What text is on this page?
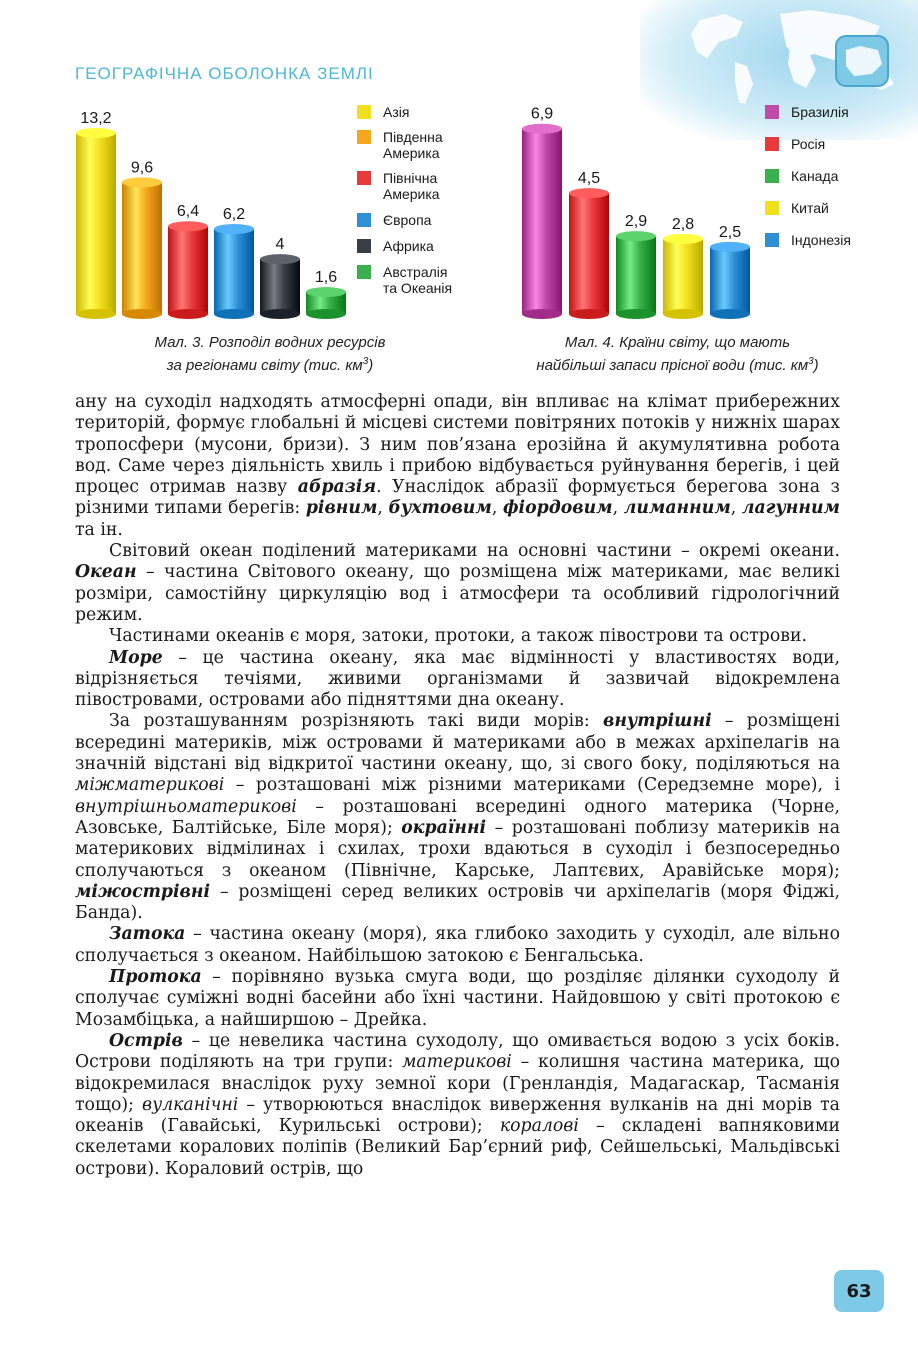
ГЕОГРАФІЧНА ОБОЛОНКА ЗЕМЛІ
13,2
9,6
6,4 6,2
4
1,6
Азія
Південна
Америка
Північна
Америка
Європа
Африка
Австралія
та Океанія
Мал. 3. Розподіл водних ресурсів
за регіонами світу (тис. $км^3$)
6,9
4,5
2,9 2,8 2,5
Бразилія
Росія
Канада
Китай
Індонезія
Мал. 4. Країни світу, що мають
найбільші запаси прісної води (тис. $км^3$)

ану на суходіл надходять атмосферні опади, він впливає на клімат прибережних територій, формує глобальні й місцеві системи повітряних потоків у нижніх шарах тропосфери (мусони, бризи). З ним пов’язана ерозійна й акумулятивна робота вод. Саме через діяльність хвиль і прибою відбувається руйнування берегів, і цей процес отримав назву абразія. Унаслідок абразії формується берегова зона з різними типами берегів: рівним, бухтовим, фіордовим, лиманним, лагунним та ін.

Світовий океан поділений материками на основні частини – окремі океани. Океан – частина Світового океану, що розміщена між материками, має великі розміри, самостійну циркуляцію вод і атмосфери та особливий гідрологічний режим.

Частинами океанів є моря, затоки, протоки, а також півострови та острови.

Море – це частина океану, яка має відмінності у властивостях води, відрізняється течіями, живими організмами й зазвичай відокремлена півостровами, островами або підняттями дна океану.

За розташуванням розрізняють такі види морів: внутрішні – розміщені всередині материків, між островами й материками або в межах архіпелагів на значній відстані від відкритої частини океану, що, зі свого боку, поділяються на міжматерикові – розташовані між різними материками (Середземне море), і внутрішньоматерикові – розташовані всередині одного материка (Чорне, Азовське, Балтійське, Біле моря); окраїнні – розташовані поблизу материків на материкових відмілинах і схилах, трохи вдаються в суходіл і безпосередньо сполучаються з океаном (Північне, Карське, Лаптєвих, Аравійське моря); міжострівні – розміщені серед великих островів чи архіпелагів (моря Фіджі, Банда).

Затока – частина океану (моря), яка глибоко заходить у суходіл, але вільно сполучається з океаном. Найбільшою затокою є Бенгальська.

Протока – порівняно вузька смуга води, що розділяє ділянки суходолу й сполучає суміжні водні басейни або їхні частини. Найдовшою у світі протокою є Мозамбіцька, а найширшою – Дрейка.

Острів – це невелика частина суходолу, що омивається водою з усіх боків. Острови поділяють на три групи: материкові – колишня частина материка, що відокремилася внаслідок руху земної кори (Гренландія, Мадагаскар, Тасманія тощо); вулканічні – утворюються внаслідок виверження вулканів на дні морів та океанів (Гавайські, Курильські острови); коралові – складені вапняковими скелетами коралових поліпів (Великий Бар’єрний риф, Сейшельські, Мальдівські острови). Кораловий острів, що

63
